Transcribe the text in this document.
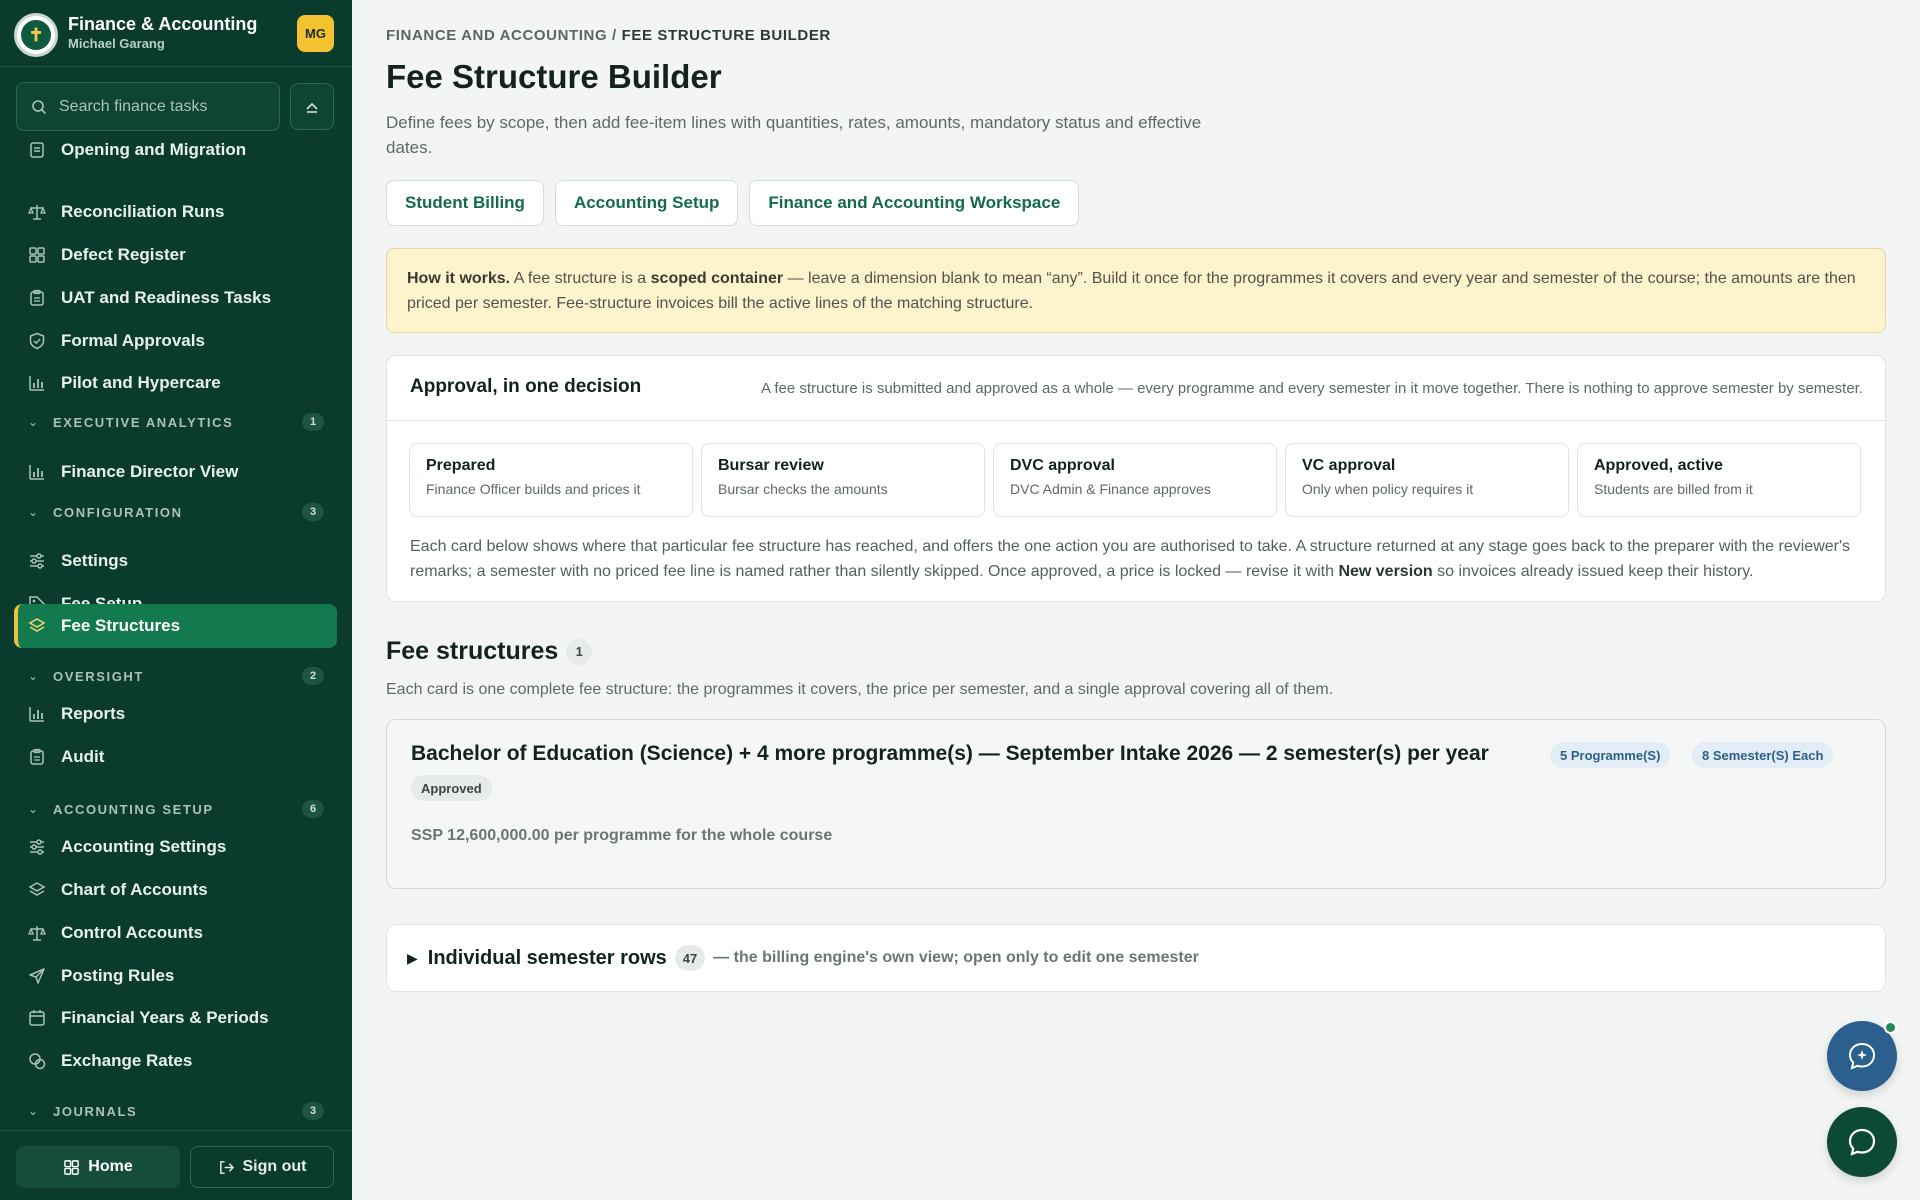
✝
Finance & Accounting
Michael Garang
MG
Search finance tasks
Opening and Migration
Reconciliation Runs
Defect Register
UAT and Readiness Tasks
Formal Approvals
Pilot and Hypercare
⌄ EXECUTIVE ANALYTICS	1
Finance Director View
⌄ CONFIGURATION	3
Settings
Fee Structures
⌄ OVERSIGHT	2
Reports
Audit
⌄ ACCOUNTING SETUP	6
Accounting Settings
Chart of Accounts
Control Accounts
Posting Rules
Financial Years & Periods
Exchange Rates
⌄ JOURNALS	3
Home	Sign out
FINANCE AND ACCOUNTING / FEE STRUCTURE BUILDER
Fee Structure Builder

Define fees by scope, then add fee-item lines with quantities, rates, amounts, mandatory status and effective dates.

Student Billing	Accounting Setup	Finance and Accounting Workspace
How it works. A fee structure is a scoped container — leave a dimension blank to mean “any”. Build it once for the programmes it covers and every year and semester of the course; the amounts are then priced per semester. Fee-structure invoices bill the active lines of the matching structure.
Approval, in one decision	A fee structure is submitted and approved as a whole — every programme and every semester in it move together. There is nothing to approve semester by semester.
Prepared
Finance Officer builds and prices it
Bursar review
Bursar checks the amounts
DVC approval
DVC Admin & Finance approves
VC approval
Only when policy requires it
Approved, active
Students are billed from it

Each card below shows where that particular fee structure has reached, and offers the one action you are authorised to take. A structure returned at any stage goes back to the preparer with the reviewer's remarks; a semester with no priced fee line is named rather than silently skipped. Once approved, a price is locked — revise it with New version so invoices already issued keep their history.

Fee structures	1

Each card is one complete fee structure: the programmes it covers, the price per semester, and a single approval covering all of them.

Bachelor of Education (Science) + 4 more programme(s) — September Intake 2026 — 2 semester(s) per year	5 Programme(S)	8 Semester(S) Each
Approved
SSP 12,600,000.00 per programme for the whole course
▶ Individual semester rows	47	— the billing engine's own view; open only to edit one semester
